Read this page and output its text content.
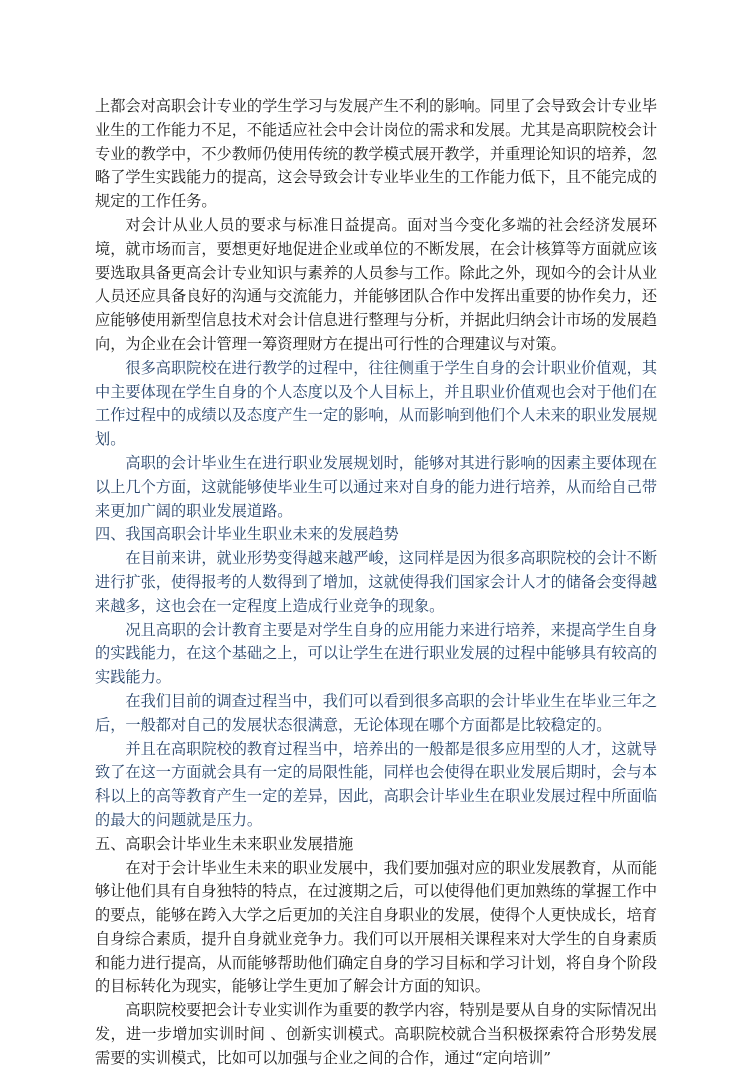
上都会对高职会计专业的学生学习与发展产生不利的影响。同里了会导致会计专业毕业生的工作能力不足，不能适应社会中会计岗位的需求和发展。尤其是高职院校会计专业的教学中，不少教师仍使用传统的教学模式展开教学，并重理论知识的培养，忽略了学生实践能力的提高，这会导致会计专业毕业生的工作能力低下，且不能完成的规定的工作任务。

对会计从业人员的要求与标准日益提高。面对当今变化多端的社会经济发展环境，就市场而言，要想更好地促进企业或单位的不断发展，在会计核算等方面就应该要选取具备更高会计专业知识与素养的人员参与工作。除此之外，现如今的会计从业人员还应具备良好的沟通与交流能力，并能够团队合作中发挥出重要的协作矣力，还应能够使用新型信息技术对会计信息进行整理与分析，并据此归纳会计市场的发展趋向，为企业在会计管理一筹资理财方在提出可行性的合理建议与对策。

很多高职院校在进行教学的过程中，往往侧重于学生自身的会计职业价值观，其中主要体现在学生自身的个人态度以及个人目标上，并且职业价值观也会对于他们在工作过程中的成绩以及态度产生一定的影响，从而影响到他们个人未来的职业发展规划。

高职的会计毕业生在进行职业发展规划时，能够对其进行影响的因素主要体现在以上几个方面，这就能够使毕业生可以通过来对自身的能力进行培养，从而给自己带来更加广阔的职业发展道路。

四、我国高职会计毕业生职业未来的发展趋势

在目前来讲，就业形势变得越来越严峻，这同样是因为很多高职院校的会计不断进行扩张，使得报考的人数得到了增加，这就使得我们国家会计人才的储备会变得越来越多，这也会在一定程度上造成行业竞争的现象。

况且高职的会计教育主要是对学生自身的应用能力来进行培养，来提高学生自身的实践能力，在这个基础之上，可以让学生在进行职业发展的过程中能够具有较高的实践能力。

在我们目前的调查过程当中，我们可以看到很多高职的会计毕业生在毕业三年之后，一般都对自己的发展状态很满意，无论体现在哪个方面都是比较稳定的。

并且在高职院校的教育过程当中，培养出的一般都是很多应用型的人才，这就导致了在这一方面就会具有一定的局限性能，同样也会使得在职业发展后期时，会与本科以上的高等教育产生一定的差异，因此，高职会计毕业生在职业发展过程中所面临的最大的问题就是压力。

五、高职会计毕业生未来职业发展措施

在对于会计毕业生未来的职业发展中，我们要加强对应的职业发展教育，从而能够让他们具有自身独特的特点，在过渡期之后，可以使得他们更加熟练的掌握工作中的要点，能够在跨入大学之后更加的关注自身职业的发展，使得个人更快成长，培育自身综合素质，提升自身就业竞争力。我们可以开展相关课程来对大学生的自身素质和能力进行提高，从而能够帮助他们确定自身的学习目标和学习计划，将自身个阶段的目标转化为现实，能够让学生更加了解会计方面的知识。

高职院校要把会计专业实训作为重要的教学内容，特别是要从自身的实际情况出发，进一步增加实训时间 、创新实训模式。高职院校就合当积极探索符合形势发展需要的实训模式，比如可以加强与企业之间的合作，通过“定向培训”
